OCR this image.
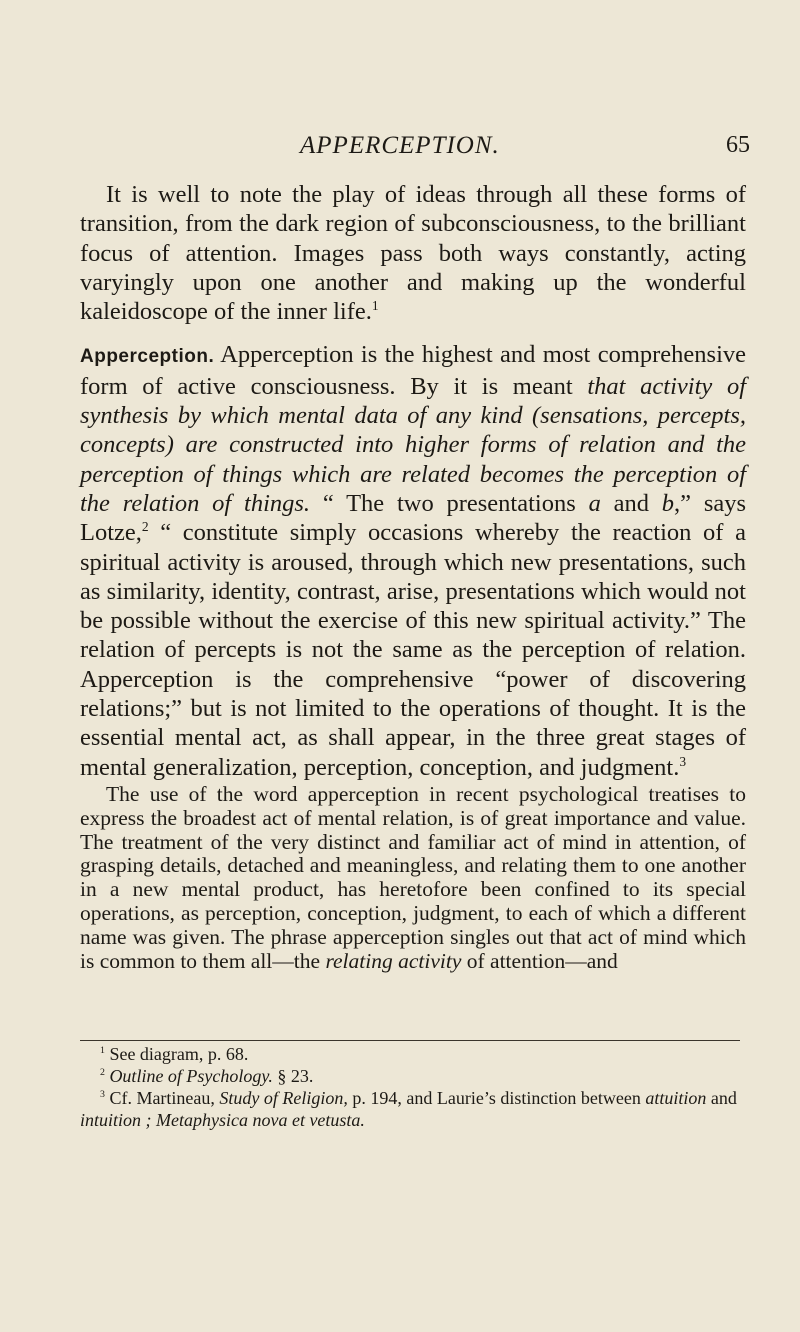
APPERCEPTION.	65

It is well to note the play of ideas through all these forms of transition, from the dark region of subconsciousness, to the brilliant focus of attention. Images pass both ways constantly, acting varyingly upon one another and making up the wonderful kaleidoscope of the inner life.$^1$

Apperception. Apperception is the highest and most comprehensive form of active consciousness. By it is meant that activity of synthesis by which mental data of any kind (sensations, percepts, concepts) are constructed into higher forms of relation and the perception of things which are related becomes the perception of the relation of things. “ The two presentations a and b,” says Lotze,$^2$ “ constitute simply occasions whereby the reaction of a spiritual activity is aroused, through which new presentations, such as similarity, identity, contrast, arise, presentations which would not be possible without the exercise of this new spiritual activity.” The relation of percepts is not the same as the perception of relation. Apperception is the comprehensive “power of discovering relations;” but is not limited to the operations of thought. It is the essential mental act, as shall appear, in the three great stages of mental generalization, perception, conception, and judgment.$^3$

The use of the word apperception in recent psychological treatises to express the broadest act of mental relation, is of great importance and value. The treatment of the very distinct and familiar act of mind in attention, of grasping details, detached and meaningless, and relating them to one another in a new mental product, has heretofore been confined to its special operations, as perception, conception, judgment, to each of which a different name was given. The phrase apperception singles out that act of mind which is common to them all—the relating activity of attention—and

$^1$ See diagram, p. 68.

$^2$ Outline of Psychology. § 23.

$^3$ Cf. Martineau, Study of Religion, p. 194, and Laurie’s distinction between attuition and intuition ; Metaphysica nova et vetusta.
